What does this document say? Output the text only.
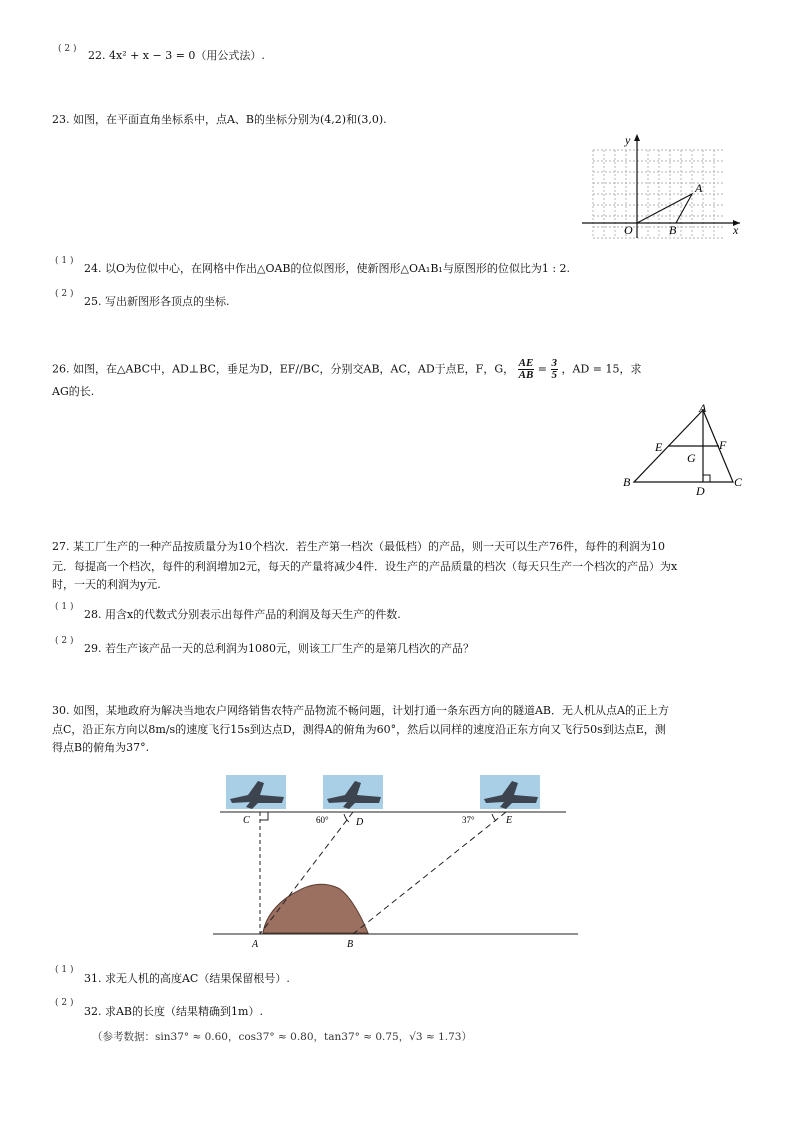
( 2 ) 22. 4x² + x − 3 = 0（用公式法）.
23. 如图，在平面直角坐标系中，点A、B的坐标分别为(4,2)和(3,0).
y
x
O
A
B
( 1 )
24. 以O为位似中心，在网格中作出△OAB的位似图形，使新图形△OA₁B₁与原图形的位似比为1 : 2.
( 2 )
25. 写出新图形各顶点的坐标.
26. 如图，在△ABC中，AD⊥BC，垂足为D，EF//BC，分别交AB，AC，AD于点E，F，G， $\frac{AE}{AB} = \frac{3}{5}$ ，AD = 15，求
AG的长.
A
B	C
D
E	F
G
27. 某工厂生产的一种产品按质量分为10个档次．若生产第一档次（最低档）的产品，则一天可以生产76件，每件的利润为10
元．每提高一个档次，每件的利润增加2元，每天的产量将减少4件．设生产的产品质量的档次（每天只生产一个档次的产品）为x
时，一天的利润为y元.
( 1 )
28. 用含x的代数式分别表示出每件产品的利润及每天生产的件数.
( 2 )
29. 若生产该产品一天的总利润为1080元，则该工厂生产的是第几档次的产品？
30. 如图，某地政府为解决当地农户网络销售农特产品物流不畅问题，计划打通一条东西方向的隧道AB．无人机从点A的正上方
点C，沿正东方向以8m/s的速度飞行15s到达点D，测得A的俯角为60°，然后以同样的速度沿正东方向又飞行50s到达点E，测
得点B的俯角为37°.
C	D	E
60°	37°
A	B
( 1 )
31. 求无人机的高度AC（结果保留根号）.
( 2 )
32. 求AB的长度（结果精确到1m）.
（参考数据：sin37° ≈ 0.60，cos37° ≈ 0.80，tan37° ≈ 0.75，√3 ≈ 1.73）
